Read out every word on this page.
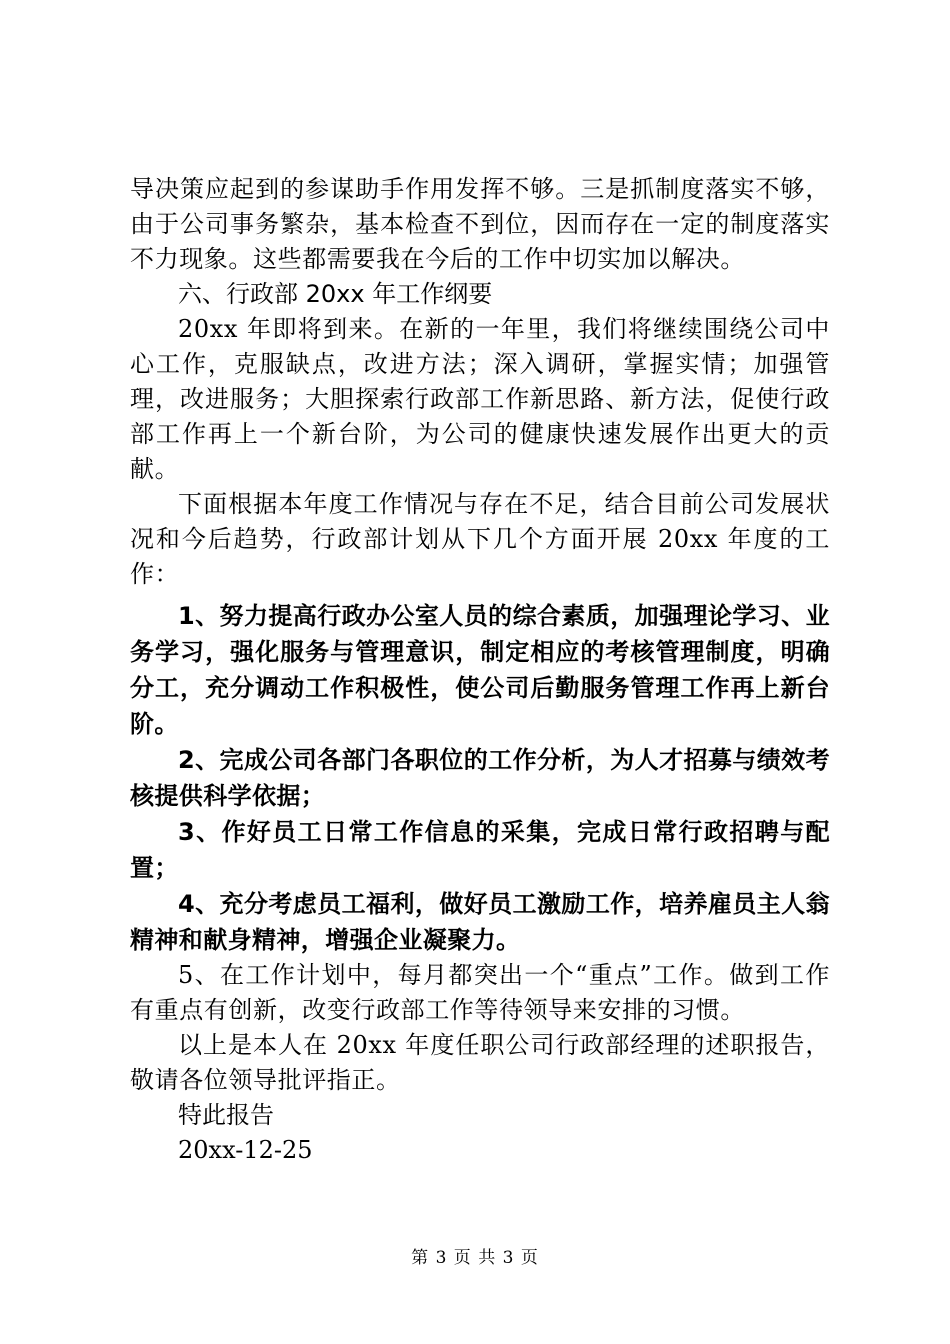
导决策应起到的参谋助手作用发挥不够。三是抓制度落实不够，由于公司事务繁杂，基本检查不到位，因而存在一定的制度落实不力现象。这些都需要我在今后的工作中切实加以解决。

六、行政部 20xx 年工作纲要

20xx 年即将到来。在新的一年里，我们将继续围绕公司中心工作，克服缺点，改进方法；深入调研，掌握实情；加强管理，改进服务；大胆探索行政部工作新思路、新方法，促使行政部工作再上一个新台阶，为公司的健康快速发展作出更大的贡献。

下面根据本年度工作情况与存在不足，结合目前公司发展状况和今后趋势，行政部计划从下几个方面开展 20xx 年度的工作：

1、努力提高行政办公室人员的综合素质，加强理论学习、业务学习，强化服务与管理意识，制定相应的考核管理制度，明确分工，充分调动工作积极性，使公司后勤服务管理工作再上新台阶。

2、完成公司各部门各职位的工作分析，为人才招募与绩效考核提供科学依据；

3、作好员工日常工作信息的采集，完成日常行政招聘与配置；

4、充分考虑员工福利，做好员工激励工作，培养雇员主人翁精神和献身精神，增强企业凝聚力。

5、在工作计划中，每月都突出一个“重点”工作。做到工作有重点有创新，改变行政部工作等待领导来安排的习惯。

以上是本人在 20xx 年度任职公司行政部经理的述职报告，敬请各位领导批评指正。

特此报告

20xx-12-25

第 3 页 共 3 页
